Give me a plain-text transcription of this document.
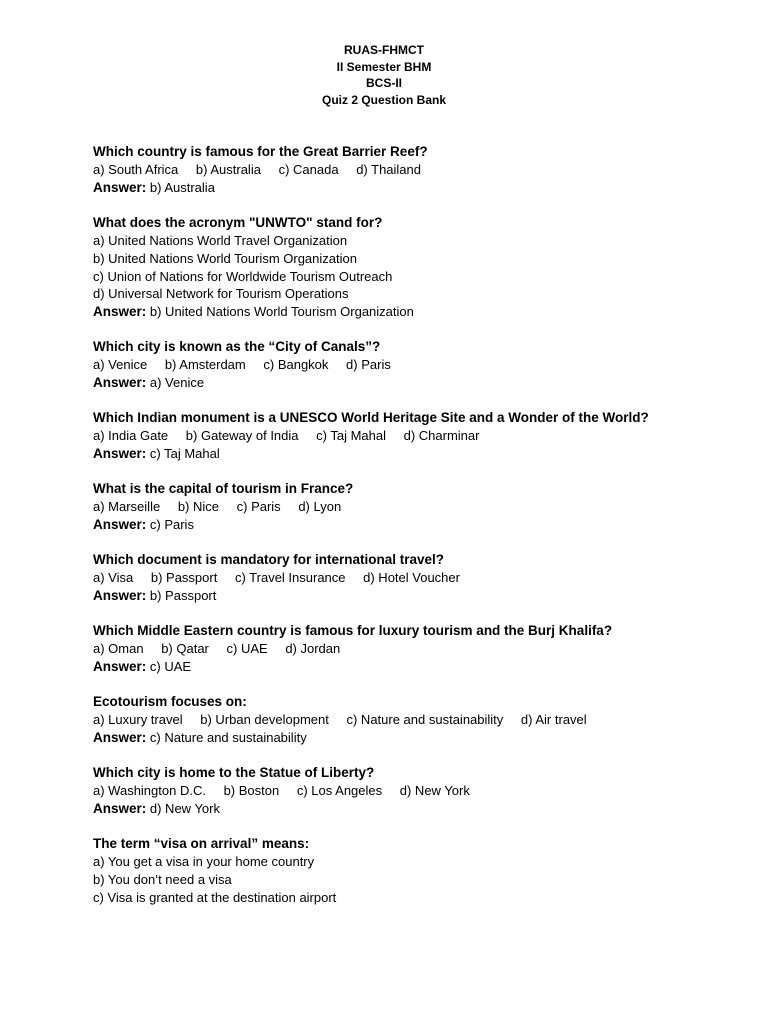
RUAS-FHMCT
II Semester BHM
BCS-II
Quiz 2 Question Bank
Which country is famous for the Great Barrier Reef?
a) South Africa b) Australia c) Canada d) Thailand
Answer: b) Australia
What does the acronym "UNWTO" stand for?
a) United Nations World Travel Organization
b) United Nations World Tourism Organization
c) Union of Nations for Worldwide Tourism Outreach
d) Universal Network for Tourism Operations
Answer: b) United Nations World Tourism Organization
Which city is known as the “City of Canals”?
a) Venice b) Amsterdam c) Bangkok d) Paris
Answer: a) Venice
Which Indian monument is a UNESCO World Heritage Site and a Wonder of the World?
a) India Gate b) Gateway of India c) Taj Mahal d) Charminar
Answer: c) Taj Mahal
What is the capital of tourism in France?
a) Marseille b) Nice c) Paris d) Lyon
Answer: c) Paris
Which document is mandatory for international travel?
a) Visa b) Passport c) Travel Insurance d) Hotel Voucher
Answer: b) Passport
Which Middle Eastern country is famous for luxury tourism and the Burj Khalifa?
a) Oman b) Qatar c) UAE d) Jordan
Answer: c) UAE
Ecotourism focuses on:
a) Luxury travel b) Urban development c) Nature and sustainability d) Air travel
Answer: c) Nature and sustainability
Which city is home to the Statue of Liberty?
a) Washington D.C. b) Boston c) Los Angeles d) New York
Answer: d) New York
The term “visa on arrival” means:
a) You get a visa in your home country
b) You don’t need a visa
c) Visa is granted at the destination airport
